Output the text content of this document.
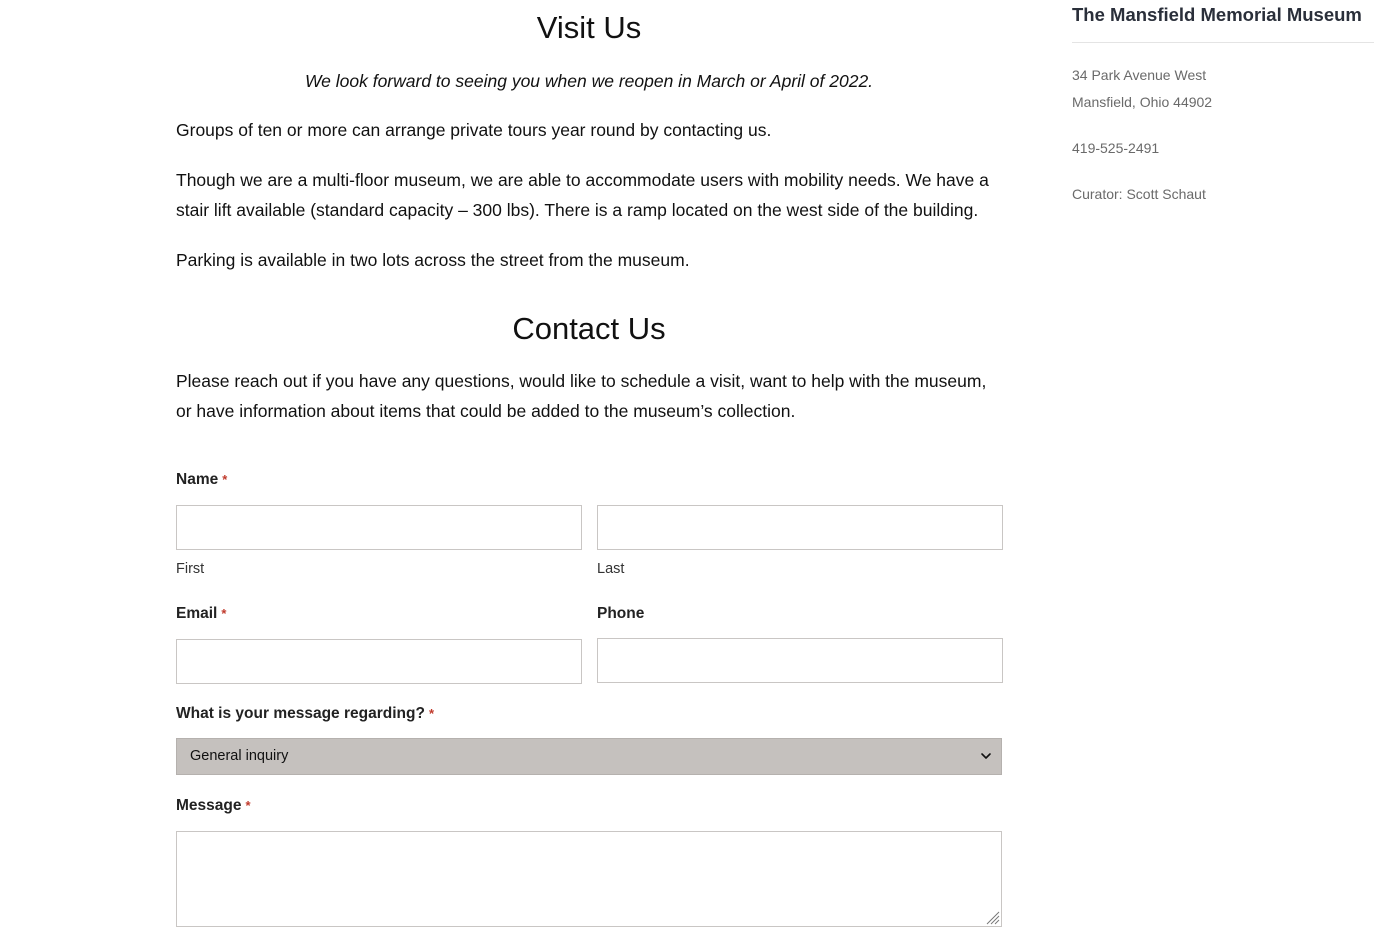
Visit Us

We look forward to seeing you when we reopen in March or April of 2022.

Groups of ten or more can arrange private tours year round by contacting us.

Though we are a multi-floor museum, we are able to accommodate users with mobility needs. We have a stair lift available (standard capacity – 300 lbs). There is a ramp located on the west side of the building.

Parking is available in two lots across the street from the museum.

Contact Us

Please reach out if you have any questions, would like to schedule a visit, want to help with the museum, or have information about items that could be added to the museum’s collection.

Name *
First	Last
Email *	Phone
What is your message regarding? *
General inquiry
Message *
The Mansfield Memorial Museum

34 Park Avenue West

Mansfield, Ohio 44902

419-525-2491

Curator: Scott Schaut
